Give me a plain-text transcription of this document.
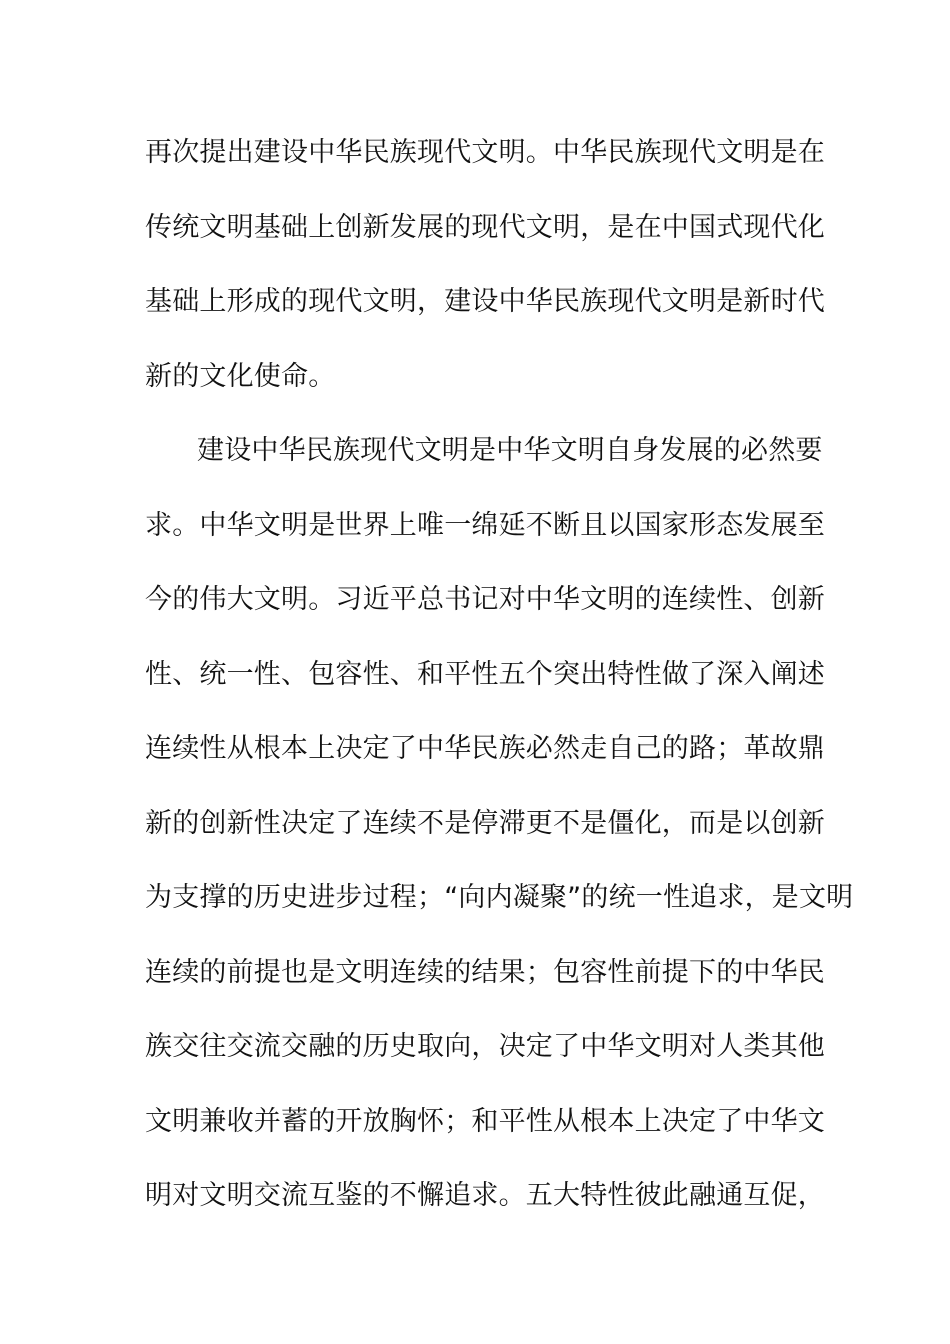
再次提出建设中华民族现代文明。中华民族现代文明是在
传统文明基础上创新发展的现代文明，是在中国式现代化
基础上形成的现代文明，建设中华民族现代文明是新时代
新的文化使命。
建设中华民族现代文明是中华文明自身发展的必然要
求。中华文明是世界上唯一绵延不断且以国家形态发展至
今的伟大文明。习近平总书记对中华文明的连续性、创新
性、统一性、包容性、和平性五个突出特性做了深入阐述
连续性从根本上决定了中华民族必然走自己的路；革故鼎
新的创新性决定了连续不是停滞更不是僵化，而是以创新
为支撑的历史进步过程；“向内凝聚”的统一性追求，是文明
连续的前提也是文明连续的结果；包容性前提下的中华民
族交往交流交融的历史取向，决定了中华文明对人类其他
文明兼收并蓄的开放胸怀；和平性从根本上决定了中华文
明对文明交流互鉴的不懈追求。五大特性彼此融通互促，
